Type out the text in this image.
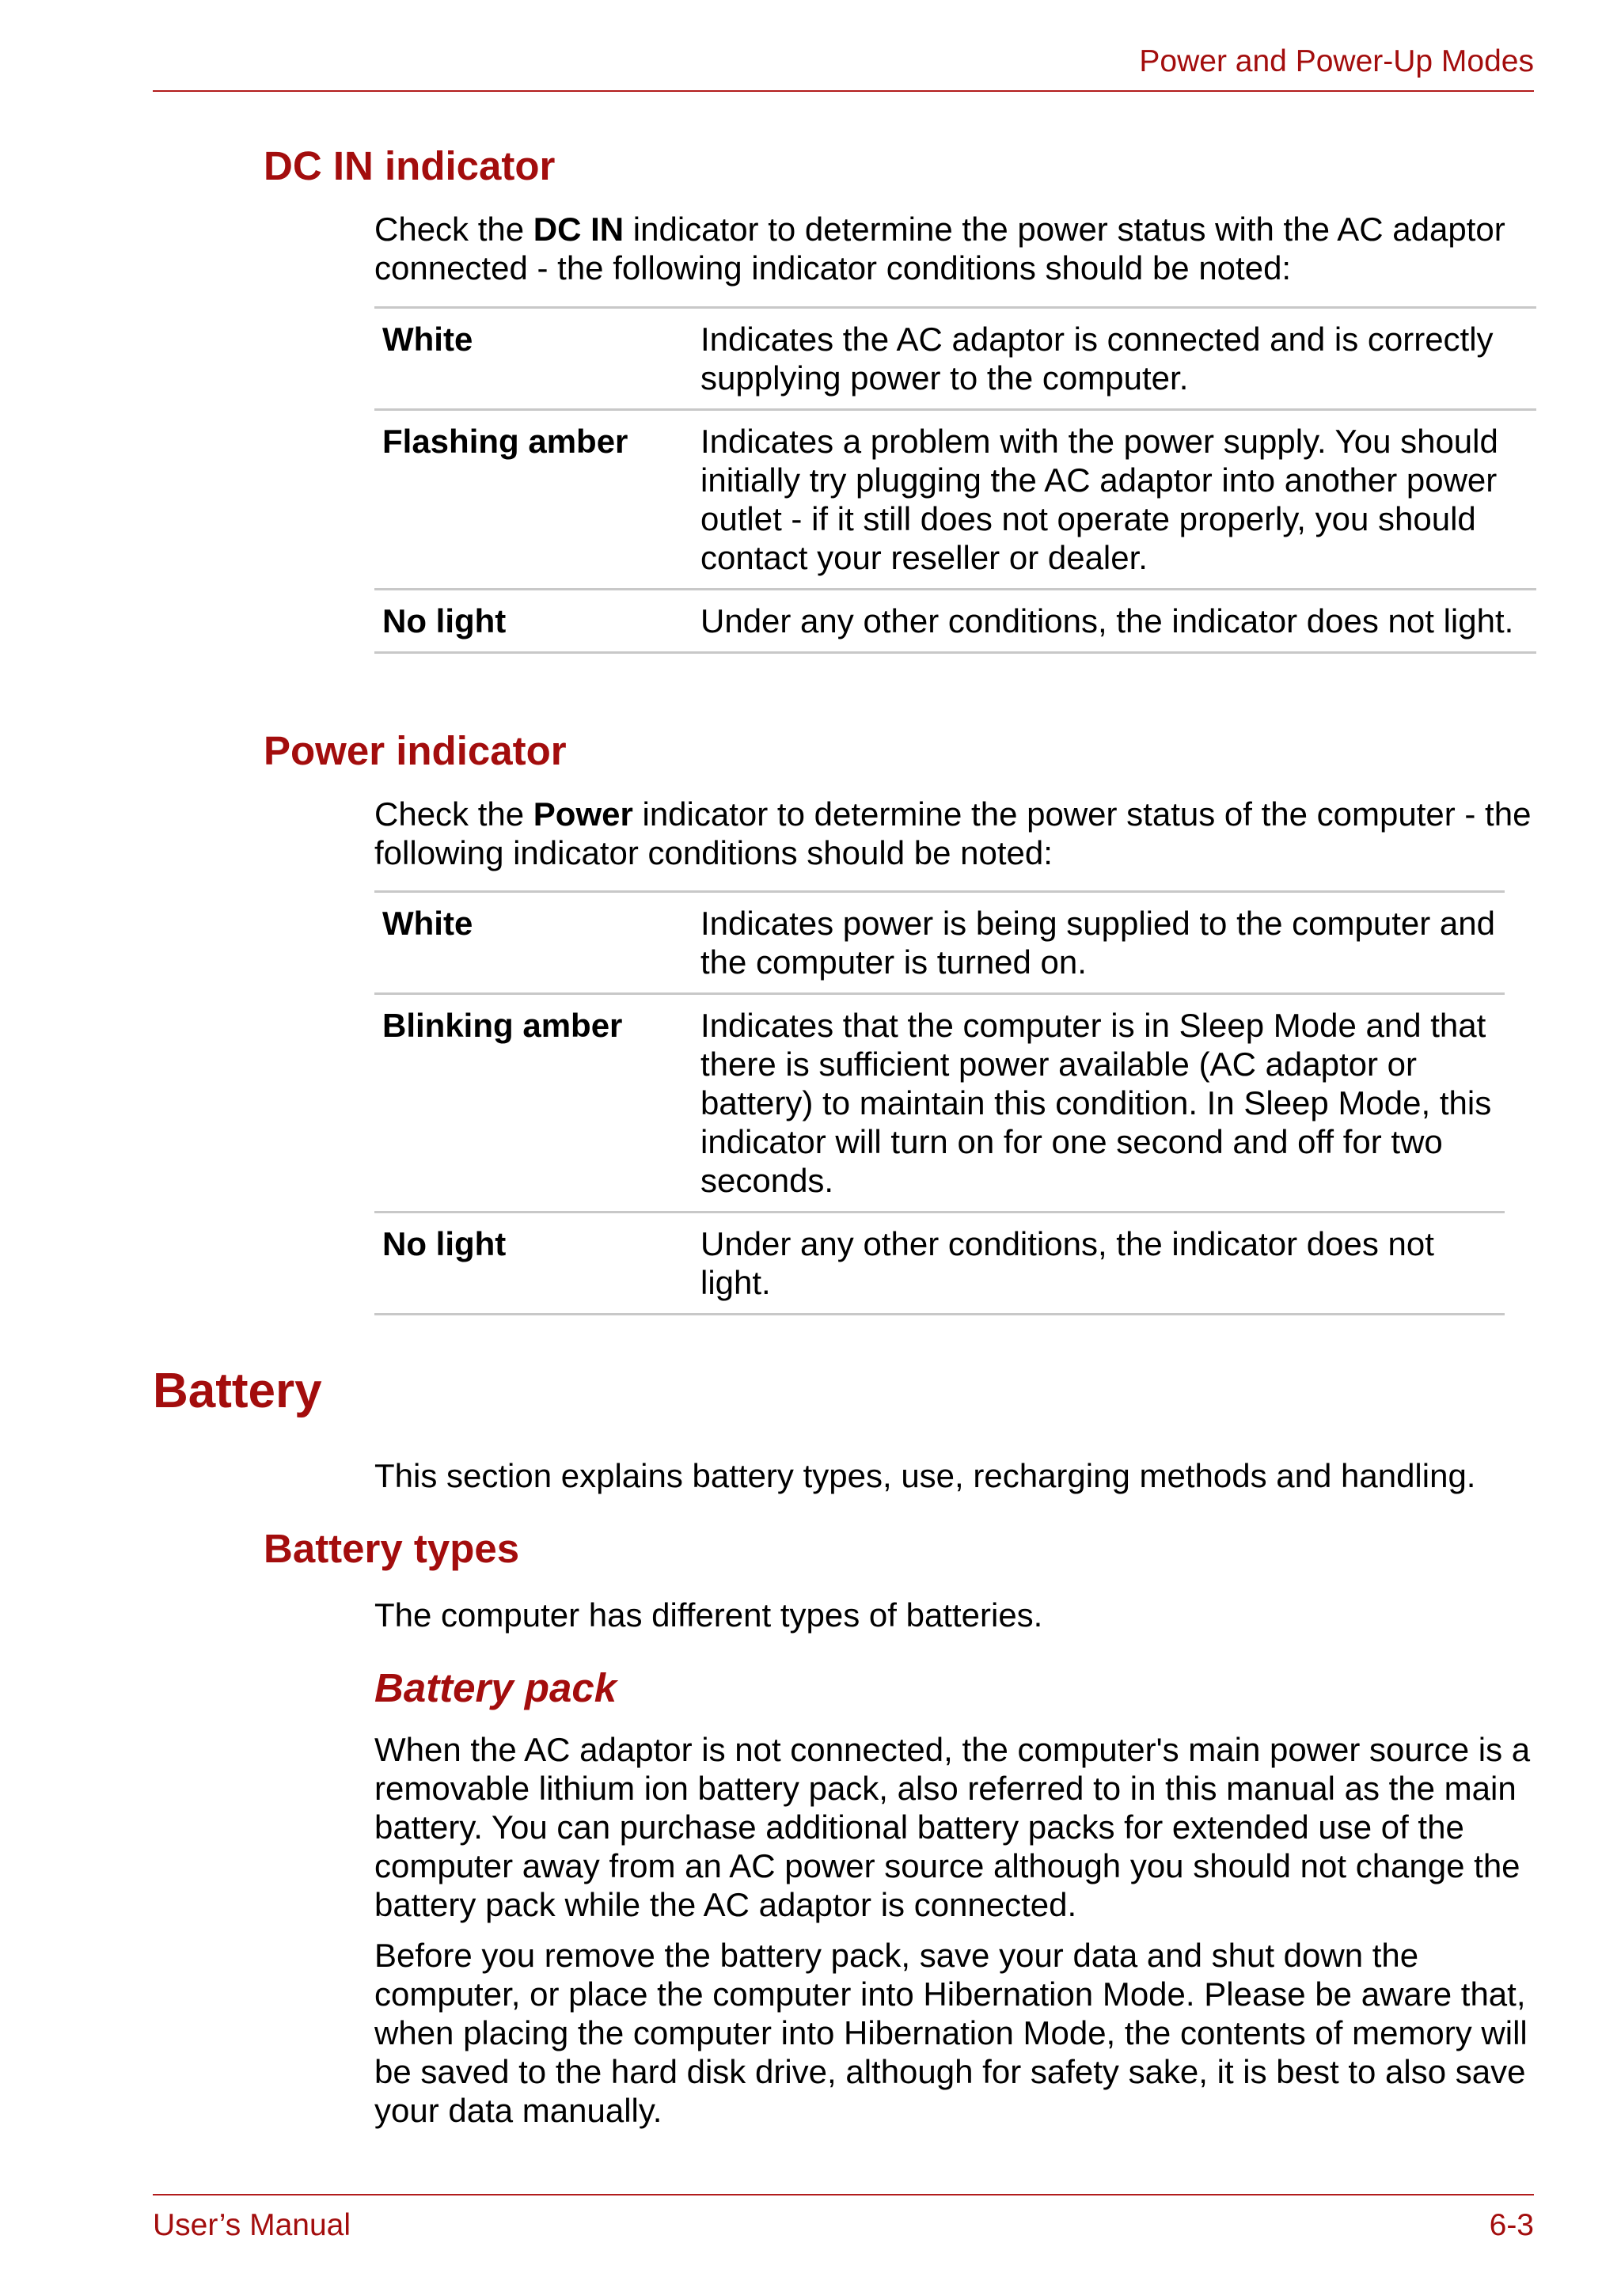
Power and Power-Up Modes
DC IN indicator

Check the DC IN indicator to determine the power status with the AC adaptor connected - the following indicator conditions should be noted:

White	Indicates the AC adaptor is connected and is correctly supplying power to the computer.
Flashing amber	Indicates a problem with the power supply. You should initially try plugging the AC adaptor into another power outlet - if it still does not operate properly, you should contact your reseller or dealer.
No light	Under any other conditions, the indicator does not light.
Power indicator

Check the Power indicator to determine the power status of the computer - the following indicator conditions should be noted:

White	Indicates power is being supplied to the computer and the computer is turned on.
Blinking amber	Indicates that the computer is in Sleep Mode and that there is sufficient power available (AC adaptor or battery) to maintain this condition. In Sleep Mode, this indicator will turn on for one second and off for two seconds.
No light	Under any other conditions, the indicator does not light.
Battery

This section explains battery types, use, recharging methods and handling.

Battery types

The computer has different types of batteries.

Battery pack

When the AC adaptor is not connected, the computer's main power source is a removable lithium ion battery pack, also referred to in this manual as the main battery. You can purchase additional battery packs for extended use of the computer away from an AC power source although you should not change the battery pack while the AC adaptor is connected.

Before you remove the battery pack, save your data and shut down the computer, or place the computer into Hibernation Mode. Please be aware that, when placing the computer into Hibernation Mode, the contents of memory will be saved to the hard disk drive, although for safety sake, it is best to also save your data manually.

User’s Manual	6-3
